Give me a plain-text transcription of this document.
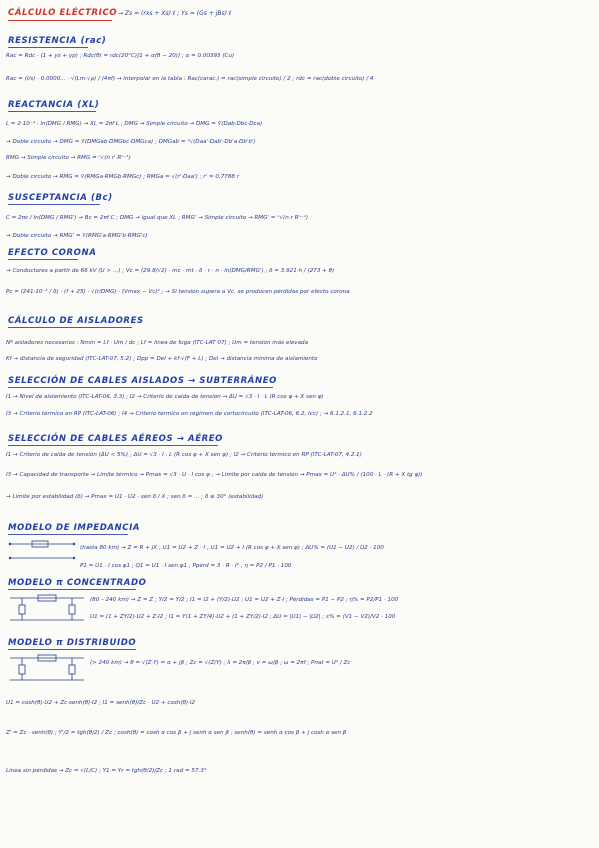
CÁLCULO ELÉCTRICO → Zs = (rxs + Xs) ℓ ; Ys = (Gs + jBs) ℓ
RESISTENCIA (rac)
Rac = Rdc · (1 + ys + yp) ; Rdc(θ) = rdc(20°C)[1 + α(θ − 20)] ; α = 0.00393 (Cu)
Rac = (l/s) · 0.0000... · √(Lm·√ρ) / (4πf) → interpolar en la tabla : Rac(carac.) = rac(simple circuito) / 2 ; rdc = rac(doble circuito) / 4
REACTANCIA (XL)
L = 2·10⁻⁴ · ln(DMG / RMG) → XL = 2πf L ; DMG → Simple circuito → DMG = ∛(Dab·Dbc·Dca)
→ Doble circuito → DMG = ∛(DMGab·DMGbc·DMGca) ; DMGab = ⁴√(Daa'·Dab'·Db'a·Db'b')
RMG → Simple circuito → RMG = ⁿ√(n r' Rⁿ⁻¹)
→ Doble circuito → RMG = ∛(RMGa·RMGb·RMGc) ; RMGa = √(r'·Daa') ; r' = 0.7788 r
SUSCEPTANCIA (Bc)
C = 2πε / ln(DMG / RMG') → Bc = 2πf C ; DMG → igual que XL ; RMG' → Simple circuito → RMG' = ⁿ√(n r Rⁿ⁻¹)
→ Doble circuito → RMG' = ∛(RMG'a·RMG'b·RMG'c)
EFECTO CORONA
→ Conductores a partir de 66 kV (U > ...) ; Vc = (29.8/√2) · mc · mt · δ · r · n · ln(DMG/RMG') ; δ = 3.921·h / (273 + θ)
Pc = (241·10⁻⁵ / δ) · (f + 25) · √(r/DMG) · (Vmax − Vc)² ; → Si tensión supera a Vc, se producen pérdidas por efecto corona
CÁLCULO DE AISLADORES
Nº aisladores necesarios : Nmin = Lf · Um / dc ; Lf = línea de fuga (ITC-LAT 07) ; Um = tensión más elevada
Kf → distancia de seguridad (ITC-LAT-07, 5.2) ; Dpp = Del + kf·√(F + L) ; Del → distancia mínima de aislamiento
SELECCIÓN DE CABLES AISLADOS → SUBTERRÁNEO
I1 → Nivel de aislamiento (ITC-LAT-06, 3.3) ; I2 → Criterio de caída de tensión → ΔU = √3 · I · L (R cos φ + X sen φ)
I3 → Criterio térmico en RP (ITC-LAT-06) ; I4 → Criterio térmico en régimen de cortocircuito (ITC-LAT-06, 6.2, Icc) ; → 6.1.2.1, 6.1.2.2
SELECCIÓN DE CABLES AÉREOS → AÉREO
I1 → Criterio de caída de tensión (ΔU < 5%) ; ΔU = √3 · I · L (R cos φ + X sen φ) ; I2 → Criterio térmico en RP (ITC-LAT-07, 4.2.1)
I3 → Capacidad de transporte → Límite térmico → Pmax = √3 · U · I cos φ ; → Límite por caída de tensión → Pmax = U² · ΔU% / (100 · L · (R + X tg φ))
→ Límite por estabilidad (δ) → Pmax = U1 · U2 · sen δ / X ; sen δ = ... ; δ ≤ 30° (estabilidad)
MODELO DE IMPEDANCIA
(hasta 80 km) → Z = R + jX ; U1 = U2 + Z · I ; U1 = U2 + I (R cos φ + X sen φ) ; ΔU% = (U1 − U2) / U2 · 100
P1 = U1 · I cos φ1 ; Q1 = U1 · I sen φ1 ; Ppérd = 3 · R · I² ; η = P2 / P1 · 100
MODELO π CONCENTRADO
(80 – 240 km) → Z = Z ; Y/2 = Y/2 ; I1 = I2 + (Y/2)·U2 ; U1 = U2 + Z·I ; Pérdidas = P1 − P2 ; η% = P2/P1 · 100
U1 = (1 + ZY/2)·U2 + Z·I2 ; I1 = Y(1 + ZY/4)·U2 + (1 + ZY/2)·I2 ; ΔU = |U1| − |U2| ; ε% = (V1 − V2)/V2 · 100
MODELO π DISTRIBUIDO
(> 240 km) → θ = √(Z·Y) = α + jβ ; Zc = √(Z/Y) ; λ = 2π/β ; v = ω/β ; ω = 2πf ; Pnat = U² / Zc
U1 = cosh(θ)·U2 + Zc·senh(θ)·I2 ; I1 = senh(θ)/Zc · U2 + cosh(θ)·I2
Z' = Zc · senh(θ) ; Y'/2 = tgh(θ/2) / Zc ; cosh(θ) = cosh α cos β + j senh α sen β ; senh(θ) = senh α cos β + j cosh α sen β
Línea sin pérdidas → Zc = √(L/C) ; Y1 = Yr = tgh(θ/2)/Zc ; 1 rad = 57.3°
